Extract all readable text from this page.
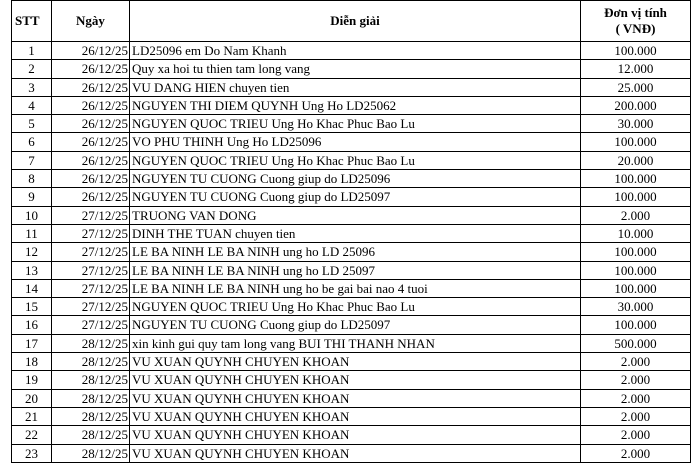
STT	Ngày	Diễn giải	Đơn vị tính
( VNĐ)
1	26/12/25	LD25096 em Do Nam Khanh	100.000
2	26/12/25	Quy xa hoi tu thien tam long vang	12.000
3	26/12/25	VU DANG HIEN chuyen tien	25.000
4	26/12/25	NGUYEN THI DIEM QUYNH Ung Ho LD25062	200.000
5	26/12/25	NGUYEN QUOC TRIEU Ung Ho Khac Phuc Bao Lu	30.000
6	26/12/25	VO PHU THINH Ung Ho LD25096	100.000
7	26/12/25	NGUYEN QUOC TRIEU Ung Ho Khac Phuc Bao Lu	20.000
8	26/12/25	NGUYEN TU CUONG Cuong giup do LD25096	100.000
9	26/12/25	NGUYEN TU CUONG Cuong giup do LD25097	100.000
10	27/12/25	TRUONG VAN DONG	2.000
11	27/12/25	DINH THE TUAN chuyen tien	10.000
12	27/12/25	LE BA NINH LE BA NINH ung ho LD 25096	100.000
13	27/12/25	LE BA NINH LE BA NINH ung ho LD 25097	100.000
14	27/12/25	LE BA NINH LE BA NINH ung ho be gai bai nao 4 tuoi	100.000
15	27/12/25	NGUYEN QUOC TRIEU Ung Ho Khac Phuc Bao Lu	30.000
16	27/12/25	NGUYEN TU CUONG Cuong giup do LD25097	100.000
17	28/12/25	xin kinh gui quy tam long vang BUI THI THANH NHAN	500.000
18	28/12/25	VU XUAN QUYNH CHUYEN KHOAN	2.000
19	28/12/25	VU XUAN QUYNH CHUYEN KHOAN	2.000
20	28/12/25	VU XUAN QUYNH CHUYEN KHOAN	2.000
21	28/12/25	VU XUAN QUYNH CHUYEN KHOAN	2.000
22	28/12/25	VU XUAN QUYNH CHUYEN KHOAN	2.000
23	28/12/25	VU XUAN QUYNH CHUYEN KHOAN	2.000
